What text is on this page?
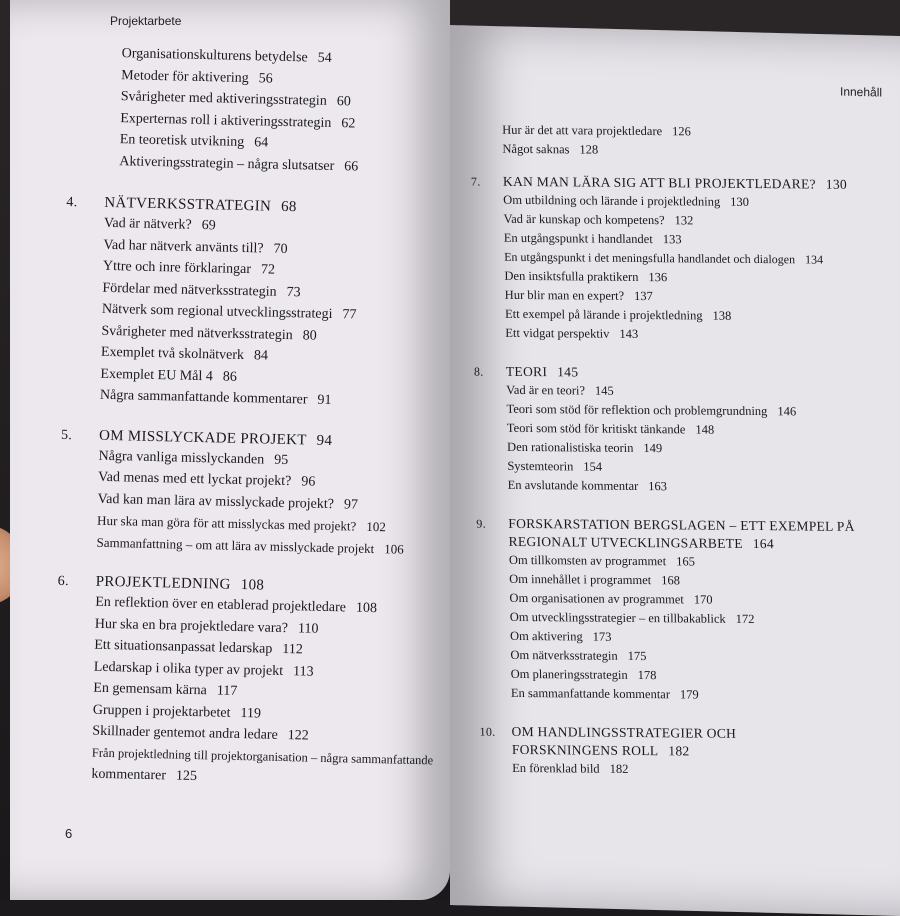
Projektarbete
Organisationskulturens betydelse 54
Metoder för aktivering 56
Svårigheter med aktiveringsstrategin 60
Experternas roll i aktiveringsstrategin 62
En teoretisk utvikning 64
Aktiveringsstrategin – några slutsatser 66
4.	NÄTVERKSSTRATEGIN 68
Vad är nätverk? 69
Vad har nätverk använts till? 70
Yttre och inre förklaringar 72
Fördelar med nätverksstrategin 73
Nätverk som regional utvecklingsstrategi 77
Svårigheter med nätverksstrategin 80
Exemplet två skolnätverk 84
Exemplet EU Mål 4 86
Några sammanfattande kommentarer 91
5.	OM MISSLYCKADE PROJEKT 94
Några vanliga misslyckanden 95
Vad menas med ett lyckat projekt? 96
Vad kan man lära av misslyckade projekt? 97
Hur ska man göra för att misslyckas med projekt? 102
Sammanfattning – om att lära av misslyckade projekt 106
6.	PROJEKTLEDNING 108
En reflektion över en etablerad projektledare 108
Hur ska en bra projektledare vara? 110
Ett situationsanpassat ledarskap 112
Ledarskap i olika typer av projekt 113
En gemensam kärna 117
Gruppen i projektarbetet 119
Skillnader gentemot andra ledare 122
Från projektledning till projektorganisation – några sammanfattande
kommentarer 125
6
Innehåll
Hur är det att vara projektledare 126
Något saknas 128
7.	KAN MAN LÄRA SIG ATT BLI PROJEKTLEDARE? 130
Om utbildning och lärande i projektledning 130
Vad är kunskap och kompetens? 132
En utgångspunkt i handlandet 133
En utgångspunkt i det meningsfulla handlandet och dialogen 134
Den insiktsfulla praktikern 136
Hur blir man en expert? 137
Ett exempel på lärande i projektledning 138
Ett vidgat perspektiv 143
8.	TEORI 145
Vad är en teori? 145
Teori som stöd för reflektion och problemgrundning 146
Teori som stöd för kritiskt tänkande 148
Den rationalistiska teorin 149
Systemteorin 154
En avslutande kommentar 163
9.	FORSKARSTATION BERGSLAGEN – ETT EXEMPEL PÅ REGIONALT UTVECKLINGSARBETE 164
Om tillkomsten av programmet 165
Om innehållet i programmet 168
Om organisationen av programmet 170
Om utvecklingsstrategier – en tillbakablick 172
Om aktivering 173
Om nätverksstrategin 175
Om planeringsstrategin 178
En sammanfattande kommentar 179
10.	OM HANDLINGSSTRATEGIER OCH FORSKNINGENS ROLL 182
En förenklad bild 182
